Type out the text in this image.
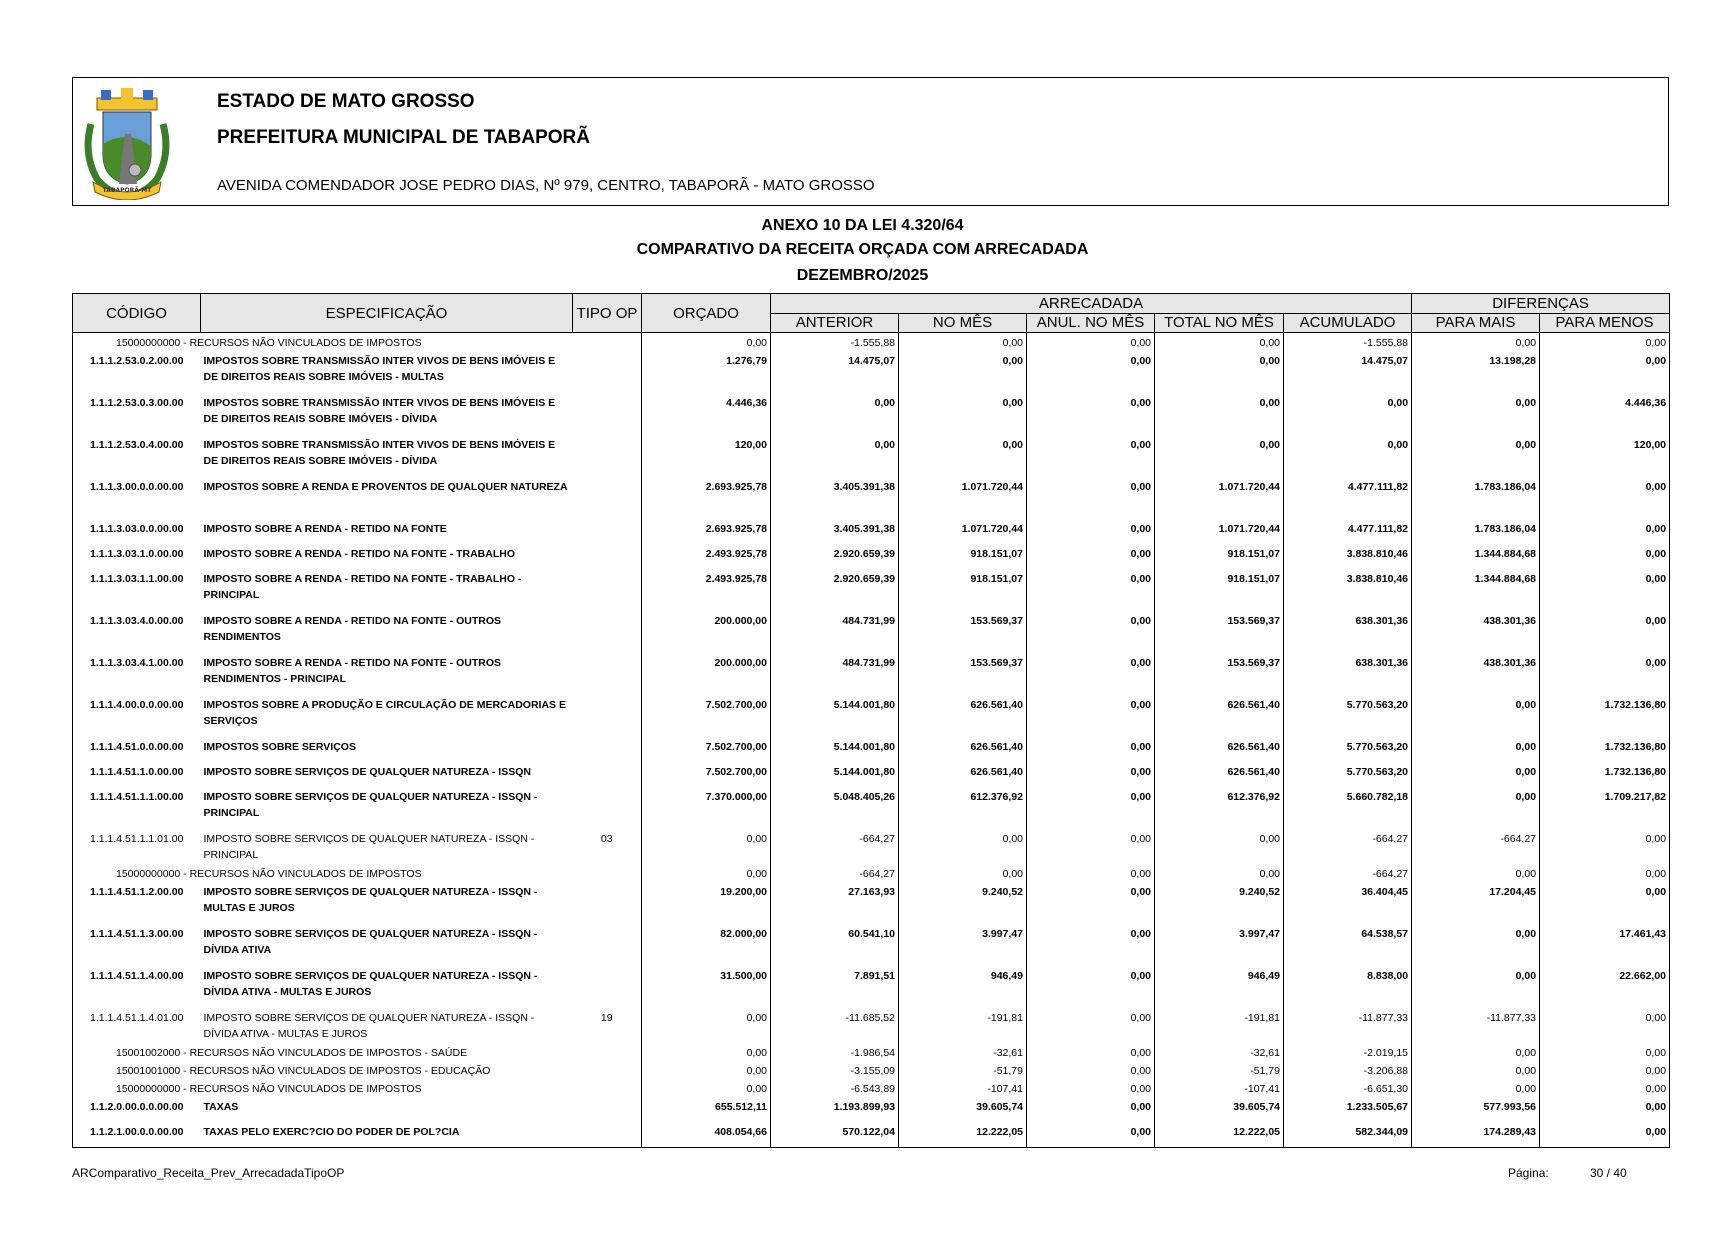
TABAPORÃ-MT
ESTADO DE MATO GROSSO
PREFEITURA MUNICIPAL DE TABAPORÃ
AVENIDA COMENDADOR JOSE PEDRO DIAS, Nº 979, CENTRO, TABAPORÃ - MATO GROSSO
ANEXO 10 DA LEI 4.320/64
COMPARATIVO DA RECEITA ORÇADA COM ARRECADADA
DEZEMBRO/2025
CÓDIGO	ESPECIFICAÇÃO	TIPO OP	ORÇADO	ARRECADADA					DIFERENÇAS	
				ANTERIOR	NO MÊS	ANUL. NO MÊS	TOTAL NO MÊS	ACUMULADO	PARA MAIS	PARA MENOS
15000000000 - RECURSOS NÃO VINCULADOS DE IMPOSTOS			0,00	-1.555,88	0,00	0,00	0,00	-1.555,88	0,00	0,00
1.1.1.2.53.0.2.00.00	IMPOSTOS SOBRE TRANSMISSÃO INTER VIVOS DE BENS IMÓVEIS E DE DIREITOS REAIS SOBRE IMÓVEIS - MULTAS		1.276,79	14.475,07	0,00	0,00	0,00	14.475,07	13.198,28	0,00
1.1.1.2.53.0.3.00.00	IMPOSTOS SOBRE TRANSMISSÃO INTER VIVOS DE BENS IMÓVEIS E DE DIREITOS REAIS SOBRE IMÓVEIS - DÍVIDA		4.446,36	0,00	0,00	0,00	0,00	0,00	0,00	4.446,36
1.1.1.2.53.0.4.00.00	IMPOSTOS SOBRE TRANSMISSÃO INTER VIVOS DE BENS IMÓVEIS E DE DIREITOS REAIS SOBRE IMÓVEIS - DÍVIDA		120,00	0,00	0,00	0,00	0,00	0,00	0,00	120,00
1.1.1.3.00.0.0.00.00	IMPOSTOS SOBRE A RENDA E PROVENTOS DE QUALQUER NATUREZA		2.693.925,78	3.405.391,38	1.071.720,44	0,00	1.071.720,44	4.477.111,82	1.783.186,04	0,00
1.1.1.3.03.0.0.00.00	IMPOSTO SOBRE A RENDA - RETIDO NA FONTE		2.693.925,78	3.405.391,38	1.071.720,44	0,00	1.071.720,44	4.477.111,82	1.783.186,04	0,00
1.1.1.3.03.1.0.00.00	IMPOSTO SOBRE A RENDA - RETIDO NA FONTE - TRABALHO		2.493.925,78	2.920.659,39	918.151,07	0,00	918.151,07	3.838.810,46	1.344.884,68	0,00
1.1.1.3.03.1.1.00.00	IMPOSTO SOBRE A RENDA - RETIDO NA FONTE - TRABALHO - PRINCIPAL		2.493.925,78	2.920.659,39	918.151,07	0,00	918.151,07	3.838.810,46	1.344.884,68	0,00
1.1.1.3.03.4.0.00.00	IMPOSTO SOBRE A RENDA - RETIDO NA FONTE - OUTROS RENDIMENTOS		200.000,00	484.731,99	153.569,37	0,00	153.569,37	638.301,36	438.301,36	0,00
1.1.1.3.03.4.1.00.00	IMPOSTO SOBRE A RENDA - RETIDO NA FONTE - OUTROS RENDIMENTOS - PRINCIPAL		200.000,00	484.731,99	153.569,37	0,00	153.569,37	638.301,36	438.301,36	0,00
1.1.1.4.00.0.0.00.00	IMPOSTOS SOBRE A PRODUÇÃO E CIRCULAÇÃO DE MERCADORIAS E SERVIÇOS		7.502.700,00	5.144.001,80	626.561,40	0,00	626.561,40	5.770.563,20	0,00	1.732.136,80
1.1.1.4.51.0.0.00.00	IMPOSTOS SOBRE SERVIÇOS		7.502.700,00	5.144.001,80	626.561,40	0,00	626.561,40	5.770.563,20	0,00	1.732.136,80
1.1.1.4.51.1.0.00.00	IMPOSTO SOBRE SERVIÇOS DE QUALQUER NATUREZA - ISSQN		7.502.700,00	5.144.001,80	626.561,40	0,00	626.561,40	5.770.563,20	0,00	1.732.136,80
1.1.1.4.51.1.1.00.00	IMPOSTO SOBRE SERVIÇOS DE QUALQUER NATUREZA - ISSQN - PRINCIPAL		7.370.000,00	5.048.405,26	612.376,92	0,00	612.376,92	5.660.782,18	0,00	1.709.217,82
1.1.1.4.51.1.1.01.00	IMPOSTO SOBRE SERVIÇOS DE QUALQUER NATUREZA - ISSQN - PRINCIPAL	03	0,00	-664,27	0,00	0,00	0,00	-664,27	-664,27	0,00
15000000000 - RECURSOS NÃO VINCULADOS DE IMPOSTOS			0,00	-664,27	0,00	0,00	0,00	-664,27	0,00	0,00
1.1.1.4.51.1.2.00.00	IMPOSTO SOBRE SERVIÇOS DE QUALQUER NATUREZA - ISSQN - MULTAS E JUROS		19.200,00	27.163,93	9.240,52	0,00	9.240,52	36.404,45	17.204,45	0,00
1.1.1.4.51.1.3.00.00	IMPOSTO SOBRE SERVIÇOS DE QUALQUER NATUREZA - ISSQN - DÍVIDA ATIVA		82.000,00	60.541,10	3.997,47	0,00	3.997,47	64.538,57	0,00	17.461,43
1.1.1.4.51.1.4.00.00	IMPOSTO SOBRE SERVIÇOS DE QUALQUER NATUREZA - ISSQN - DÍVIDA ATIVA - MULTAS E JUROS		31.500,00	7.891,51	946,49	0,00	946,49	8.838,00	0,00	22.662,00
1.1.1.4.51.1.4.01.00	IMPOSTO SOBRE SERVIÇOS DE QUALQUER NATUREZA - ISSQN - DÍVIDA ATIVA - MULTAS E JUROS	19	0,00	-11.685,52	-191,81	0,00	-191,81	-11.877,33	-11.877,33	0,00
15001002000 - RECURSOS NÃO VINCULADOS DE IMPOSTOS - SAÚDE			0,00	-1.986,54	-32,61	0,00	-32,61	-2.019,15	0,00	0,00
15001001000 - RECURSOS NÃO VINCULADOS DE IMPOSTOS - EDUCAÇÃO			0,00	-3.155,09	-51,79	0,00	-51,79	-3.206,88	0,00	0,00
15000000000 - RECURSOS NÃO VINCULADOS DE IMPOSTOS			0,00	-6.543,89	-107,41	0,00	-107,41	-6.651,30	0,00	0,00
1.1.2.0.00.0.0.00.00	TAXAS		655.512,11	1.193.899,93	39.605,74	0,00	39.605,74	1.233.505,67	577.993,56	0,00
1.1.2.1.00.0.0.00.00	TAXAS PELO EXERC?CIO DO PODER DE POL?CIA		408.054,66	570.122,04	12.222,05	0,00	12.222,05	582.344,09	174.289,43	0,00
ARComparativo_Receita_Prev_ArrecadadaTipoOP	Página:	30 / 40
